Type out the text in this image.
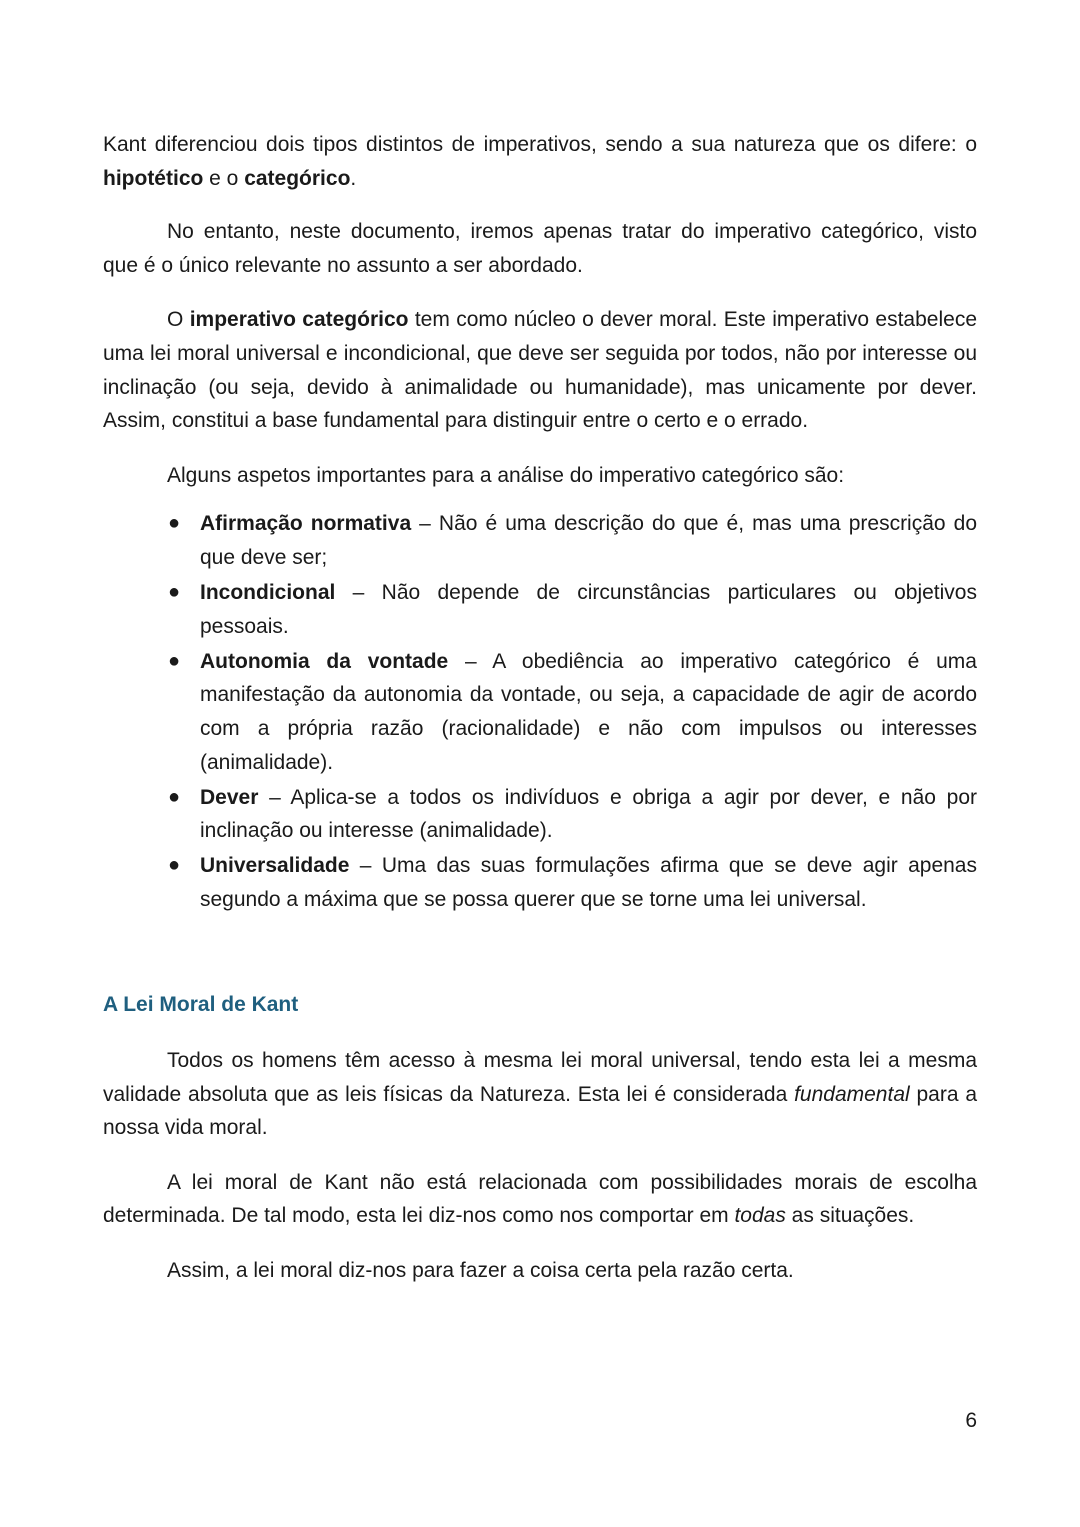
Kant diferenciou dois tipos distintos de imperativos, sendo a sua natureza que os difere: o hipotético e o categórico.

No entanto, neste documento, iremos apenas tratar do imperativo categórico, visto que é o único relevante no assunto a ser abordado.

O imperativo categórico tem como núcleo o dever moral. Este imperativo estabelece uma lei moral universal e incondicional, que deve ser seguida por todos, não por interesse ou inclinação (ou seja, devido à animalidade ou humanidade), mas unicamente por dever. Assim, constitui a base fundamental para distinguir entre o certo e o errado.

Alguns aspetos importantes para a análise do imperativo categórico são:

● Afirmação normativa – Não é uma descrição do que é, mas uma prescrição do que deve ser;
● Incondicional – Não depende de circunstâncias particulares ou objetivos pessoais.
● Autonomia da vontade – A obediência ao imperativo categórico é uma manifestação da autonomia da vontade, ou seja, a capacidade de agir de acordo com a própria razão (racionalidade) e não com impulsos ou interesses (animalidade).
● Dever – Aplica-se a todos os indivíduos e obriga a agir por dever, e não por inclinação ou interesse (animalidade).
● Universalidade – Uma das suas formulações afirma que se deve agir apenas segundo a máxima que se possa querer que se torne uma lei universal.
A Lei Moral de Kant

Todos os homens têm acesso à mesma lei moral universal, tendo esta lei a mesma validade absoluta que as leis físicas da Natureza. Esta lei é considerada fundamental para a nossa vida moral.

A lei moral de Kant não está relacionada com possibilidades morais de escolha determinada. De tal modo, esta lei diz-nos como nos comportar em todas as situações.

Assim, a lei moral diz-nos para fazer a coisa certa pela razão certa.

6
